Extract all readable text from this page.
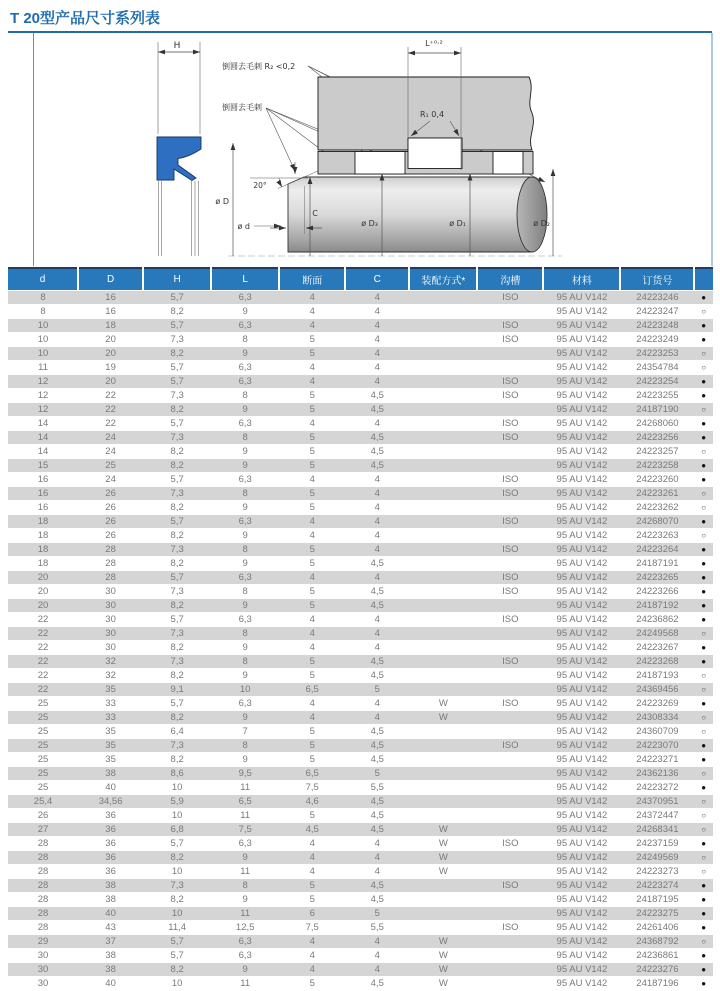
T 20型产品尺寸系列表
H
倒圆去毛刺 R₂ <0,2
倒圆去毛刺
L⁺⁰·²
R₁ 0,4
20°
ø D
ø d
C
ø D₃	ø D₁	ø D₂
d	D	H	L	断面	C	装配方式*	沟槽	材料	订货号	
8	16	5,7	6,3	4	4		ISO	95 AU V142	24223246	●
8	16	8,2	9	4	4			95 AU V142	24223247	○
10	18	5,7	6,3	4	4		ISO	95 AU V142	24223248	●
10	20	7,3	8	5	4		ISO	95 AU V142	24223249	●
10	20	8,2	9	5	4			95 AU V142	24223253	○
11	19	5,7	6,3	4	4			95 AU V142	24354784	○
12	20	5,7	6,3	4	4		ISO	95 AU V142	24223254	●
12	22	7,3	8	5	4,5		ISO	95 AU V142	24223255	●
12	22	8,2	9	5	4,5			95 AU V142	24187190	○
14	22	5,7	6,3	4	4		ISO	95 AU V142	24268060	●
14	24	7,3	8	5	4,5		ISO	95 AU V142	24223256	●
14	24	8,2	9	5	4,5			95 AU V142	24223257	○
15	25	8,2	9	5	4,5			95 AU V142	24223258	●
16	24	5,7	6,3	4	4		ISO	95 AU V142	24223260	●
16	26	7,3	8	5	4		ISO	95 AU V142	24223261	○
16	26	8,2	9	5	4			95 AU V142	24223262	○
18	26	5,7	6,3	4	4		ISO	95 AU V142	24268070	●
18	26	8,2	9	4	4			95 AU V142	24223263	○
18	28	7,3	8	5	4		ISO	95 AU V142	24223264	●
18	28	8,2	9	5	4,5			95 AU V142	24187191	●
20	28	5,7	6,3	4	4		ISO	95 AU V142	24223265	●
20	30	7,3	8	5	4,5		ISO	95 AU V142	24223266	●
20	30	8,2	9	5	4,5			95 AU V142	24187192	●
22	30	5,7	6,3	4	4		ISO	95 AU V142	24236862	●
22	30	7,3	8	4	4			95 AU V142	24249568	○
22	30	8,2	9	4	4			95 AU V142	24223267	●
22	32	7,3	8	5	4,5		ISO	95 AU V142	24223268	●
22	32	8,2	9	5	4,5			95 AU V142	24187193	○
22	35	9,1	10	6,5	5			95 AU V142	24369456	○
25	33	5,7	6,3	4	4	W	ISO	95 AU V142	24223269	●
25	33	8,2	9	4	4	W		95 AU V142	24308334	○
25	35	6,4	7	5	4,5			95 AU V142	24360709	○
25	35	7,3	8	5	4,5		ISO	95 AU V142	24223070	●
25	35	8,2	9	5	4,5			95 AU V142	24223271	●
25	38	8,6	9,5	6,5	5			95 AU V142	24362136	○
25	40	10	11	7,5	5,5			95 AU V142	24223272	●
25,4	34,56	5,9	6,5	4,6	4,5			95 AU V142	24370951	○
26	36	10	11	5	4,5			95 AU V142	24372447	○
27	36	6,8	7,5	4,5	4,5	W		95 AU V142	24268341	○
28	36	5,7	6,3	4	4	W	ISO	95 AU V142	24237159	●
28	36	8,2	9	4	4	W		95 AU V142	24249569	○
28	36	10	11	4	4	W		95 AU V142	24223273	○
28	38	7,3	8	5	4,5		ISO	95 AU V142	24223274	●
28	38	8,2	9	5	4,5			95 AU V142	24187195	●
28	40	10	11	6	5			95 AU V142	24223275	●
28	43	11,4	12,5	7,5	5,5		ISO	95 AU V142	24261406	●
29	37	5,7	6,3	4	4	W		95 AU V142	24368792	○
30	38	5,7	6,3	4	4	W		95 AU V142	24236861	●
30	38	8,2	9	4	4	W		95 AU V142	24223276	●
30	40	10	11	5	4,5	W		95 AU V142	24187196	●
